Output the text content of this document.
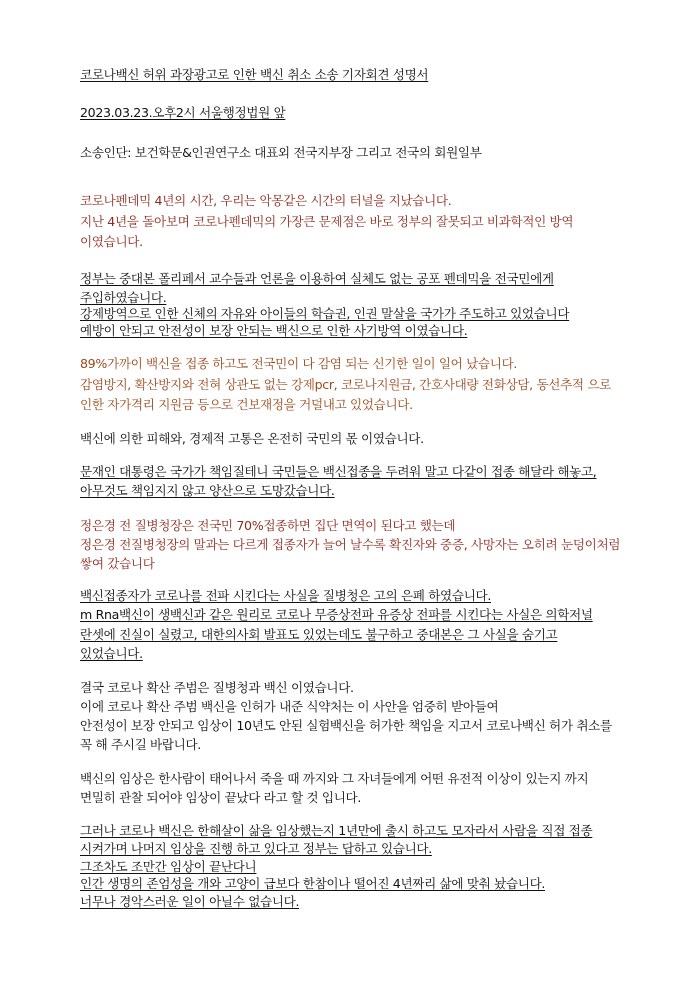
코로나백신 허위 과장광고로 인한 백신 취소 소송 기자회견 성명서
2023.03.23.오후2시 서울행정법원 앞
소송인단: 보건학문&인권연구소 대표외 전국지부장 그리고 전국의 회원일부
코로나펜데믹 4년의 시간, 우리는 악몽같은 시간의 터널을 지났습니다.
지난 4년을 돌아보며 코로나펜데믹의 가장큰 문제점은 바로 정부의 잘못되고 비과학적인 방역
이였습니다.
정부는 중대본 폴리페서 교수들과 언론을 이용하여 실체도 없는 공포 펜데믹을 전국민에게
주입하였습니다.
강제방역으로 인한 신체의 자유와 아이들의 학습권, 인권 말살을 국가가 주도하고 있었습니다
예방이 안되고 안전성이 보장 안되는 백신으로 인한 사기방역 이였습니다.
89%가까이 백신을 접종 하고도 전국민이 다 감염 되는 신기한 일이 일어 났습니다.
감염방지, 확산방지와 전혀 상관도 없는 강제pcr, 코로나지원금, 간호사대량 전화상담, 동선추적 으로
인한 자가격리 지원금 등으로 건보재정을 거덜내고 있었습니다.
백신에 의한 피해와, 경제적 고통은 온전히 국민의 몫 이였습니다.
문재인 대통령은 국가가 책임질테니 국민들은 백신접종을 두려워 말고 다같이 접종 해달라 해놓고,
아무것도 책임지지 않고 양산으로 도망갔습니다.
정은경 전 질병청장은 전국민 70%접종하면 집단 면역이 된다고 했는데
정은경 전질병청장의 말과는 다르게 접종자가 늘어 날수록 확진자와 중증, 사망자는 오히려 눈덩이처럼
쌓여 갔습니다
백신접종자가 코로나를 전파 시킨다는 사실을 질병청은 고의 은폐 하였습니다.
m Rna백신이 생백신과 같은 원리로 코로나 무증상전파 유증상 전파를 시킨다는 사실은 의학저널
란셋에 진실이 실렸고, 대한의사회 발표도 있었는데도 불구하고 중대본은 그 사실을 숨기고
있었습니다.
결국 코로나 확산 주범은 질병청과 백신 이였습니다.
이에 코로나 확산 주범 백신을 인허가 내준 식약처는 이 사안을 엄중히 받아들여
안전성이 보장 안되고 임상이 10년도 안된 실험백신을 허가한 책임을 지고서 코로나백신 허가 취소를
꼭 해 주시길 바랍니다.
백신의 임상은 한사람이 태어나서 죽을 때 까지와 그 자녀들에게 어떤 유전적 이상이 있는지 까지
면밀히 관찰 되어야 임상이 끝났다 라고 할 것 입니다.
그러나 코로나 백신은 한해살이 삶을 임상했는지 1년만에 출시 하고도 모자라서 사람을 직접 접종
시켜가며 나머지 임상을 진행 하고 있다고 정부는 답하고 있습니다.
그조차도 조만간 임상이 끝난다니
인간 생명의 존엄성을 개와 고양이 급보다 한참이나 떨어진 4년짜리 삶에 맞춰 놨습니다.
너무나 경악스러운 일이 아닐수 없습니다.
